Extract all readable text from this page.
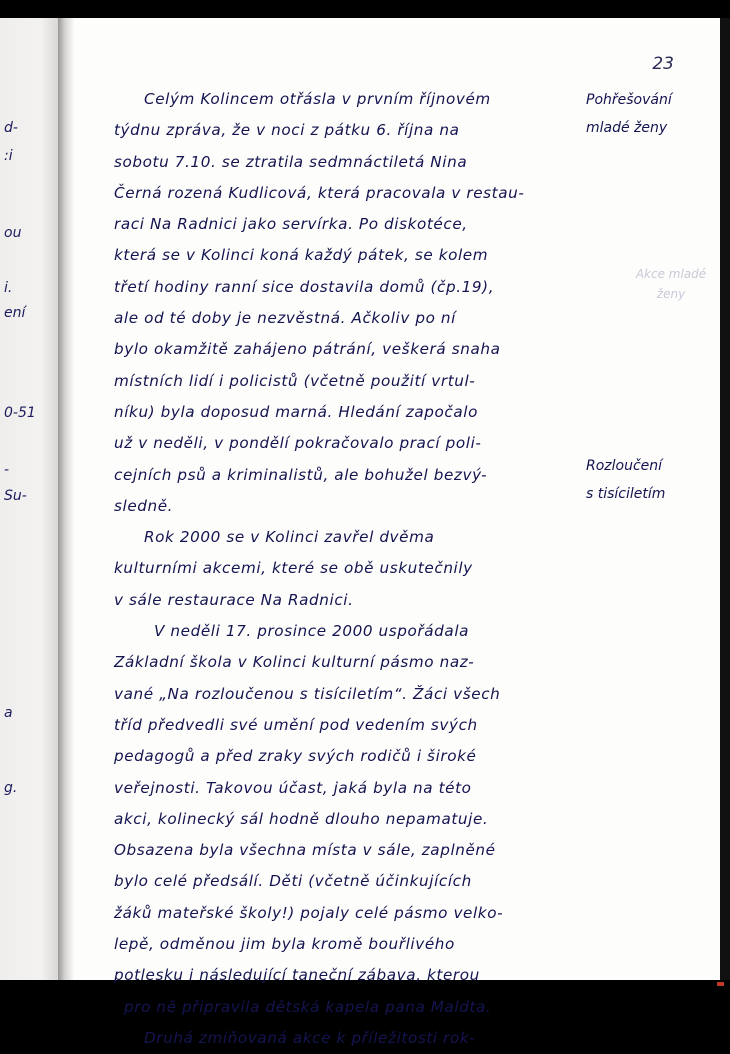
d-
:i
ou
i.
ení
0-51
-
Su-
a
g.
23
Celým Kolincem otřásla v prvním říjnovém
týdnu zpráva, že v noci z pátku 6. října na
sobotu 7.10. se ztratila sedmnáctiletá Nina
Černá rozená Kudlicová, která pracovala v restau-
raci Na Radnici jako servírka. Po diskotéce,
která se v Kolinci koná každý pátek, se kolem
třetí hodiny ranní sice dostavila domů (čp.19),
ale od té doby je nezvěstná. Ačkoliv po ní
bylo okamžitě zahájeno pátrání, veškerá snaha
místních lidí i policistů (včetně použití vrtul-
níku) byla doposud marná. Hledání započalo
už v neděli, v pondělí pokračovalo prací poli-
cejních psů a kriminalistů, ale bohužel bezvý-
sledně.
Rok 2000 se v Kolinci zavřel dvěma
kulturními akcemi, které se obě uskutečnily
v sále restaurace Na Radnici.
V neděli 17. prosince 2000 uspořádala
Základní škola v Kolinci kulturní pásmo naz-
vané „Na rozloučenou s tisíciletím“. Žáci všech
tříd předvedli své umění pod vedením svých
pedagogů a před zraky svých rodičů i široké
veřejnosti. Takovou účast, jaká byla na této
akci, kolinecký sál hodně dlouho nepamatuje.
Obsazena byla všechna místa v sále, zaplněné
bylo celé předsálí. Děti (včetně účinkujících
žáků mateřské školy!) pojaly celé pásmo velko-
lepě, odměnou jim byla kromě bouřlivého
potlesku i následující taneční zábava, kterou
pro ně připravila dětská kapela pana Maldta.
Druhá zmiňovaná akce k příležitosti rok-
Pohřešování
mladé ženy
Akce mladé
ženy
Rozloučení
s tisíciletím
